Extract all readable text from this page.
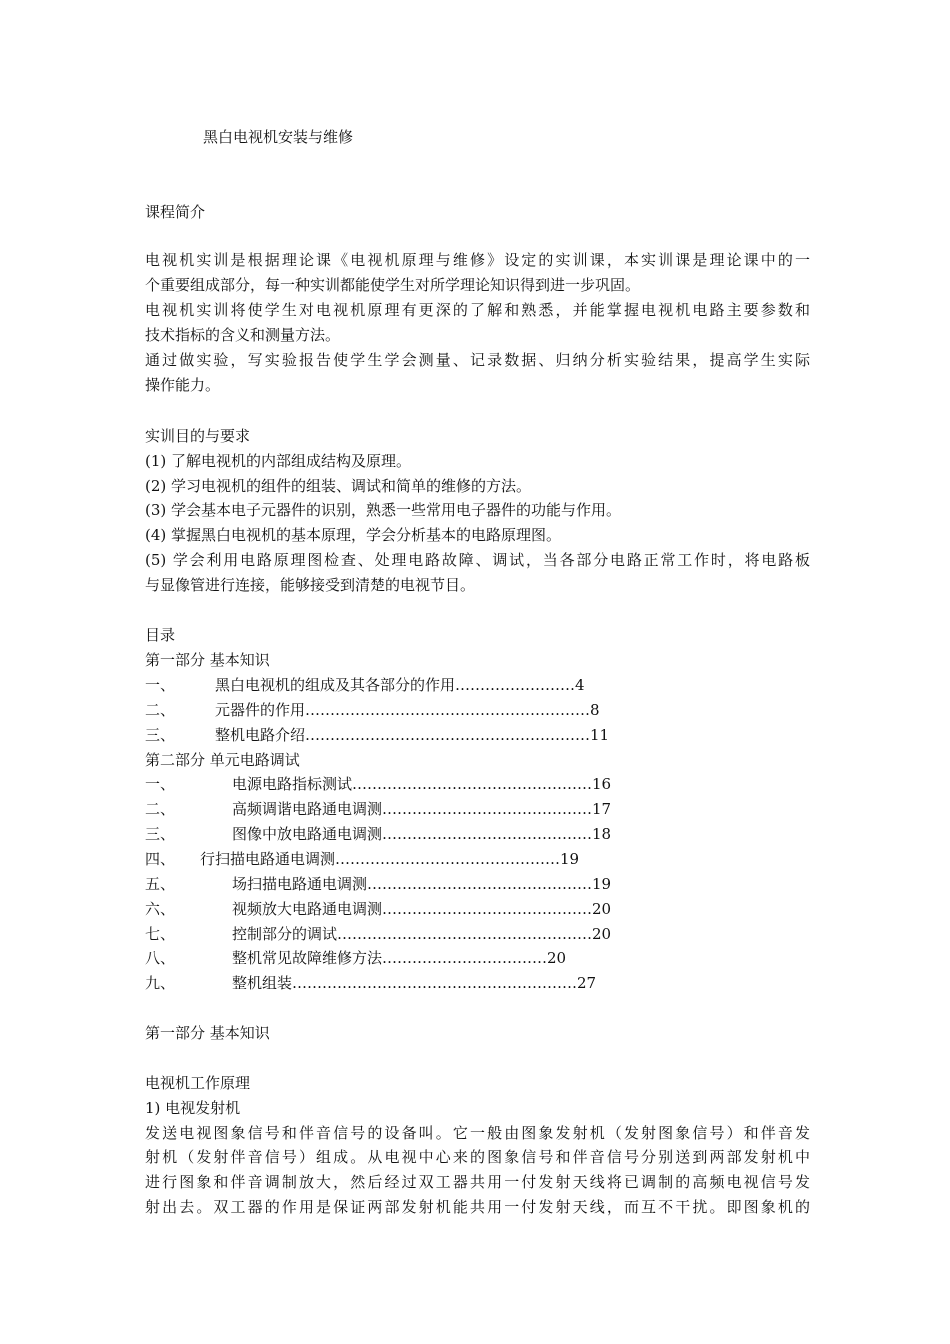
黑白电视机安装与维修
课程简介
电视机实训是根据理论课《电视机原理与维修》设定的实训课，本实训课是理论课中的一
个重要组成部分，每一种实训都能使学生对所学理论知识得到进一步巩固。
电视机实训将使学生对电视机原理有更深的了解和熟悉，并能掌握电视机电路主要参数和
技术指标的含义和测量方法。
通过做实验，写实验报告使学生学会测量、记录数据、归纳分析实验结果，提高学生实际
操作能力。
实训目的与要求
(1) 了解电视机的内部组成结构及原理。
(2) 学习电视机的组件的组装、调试和简单的维修的方法。
(3) 学会基本电子元器件的识别，熟悉一些常用电子器件的功能与作用。
(4) 掌握黑白电视机的基本原理，学会分析基本的电路原理图。
(5) 学会利用电路原理图检查、处理电路故障、调试，当各部分电路正常工作时，将电路板
与显像管进行连接，能够接受到清楚的电视节目。
目录
第一部分 基本知识
一、	黑白电视机的组成及其各部分的作用……………………4
二、	元器件的作用…………………………………………………8
三、	整机电路介绍…………………………………………………11
第二部分 单元电路调试
一、	电源电路指标测试…………………………………………16
二、	高频调谐电路通电调测……………………………………17
三、	图像中放电路通电调测……………………………………18
四、 行扫描电路通电调测………………………………………19
五、	场扫描电路通电调测………………………………………19
六、	视频放大电路通电调测……………………………………20
七、	控制部分的调试……………………………………………20
八、	整机常见故障维修方法……………………………20
九、	整机组装…………………………………………………27
第一部分 基本知识
电视机工作原理
1) 电视发射机
发送电视图象信号和伴音信号的设备叫。它一般由图象发射机（发射图象信号）和伴音发
射机（发射伴音信号）组成。从电视中心来的图象信号和伴音信号分别送到两部发射机中
进行图象和伴音调制放大，然后经过双工器共用一付发射天线将已调制的高频电视信号发
射出去。双工器的作用是保证两部发射机能共用一付发射天线，而互不干扰。即图象机的
